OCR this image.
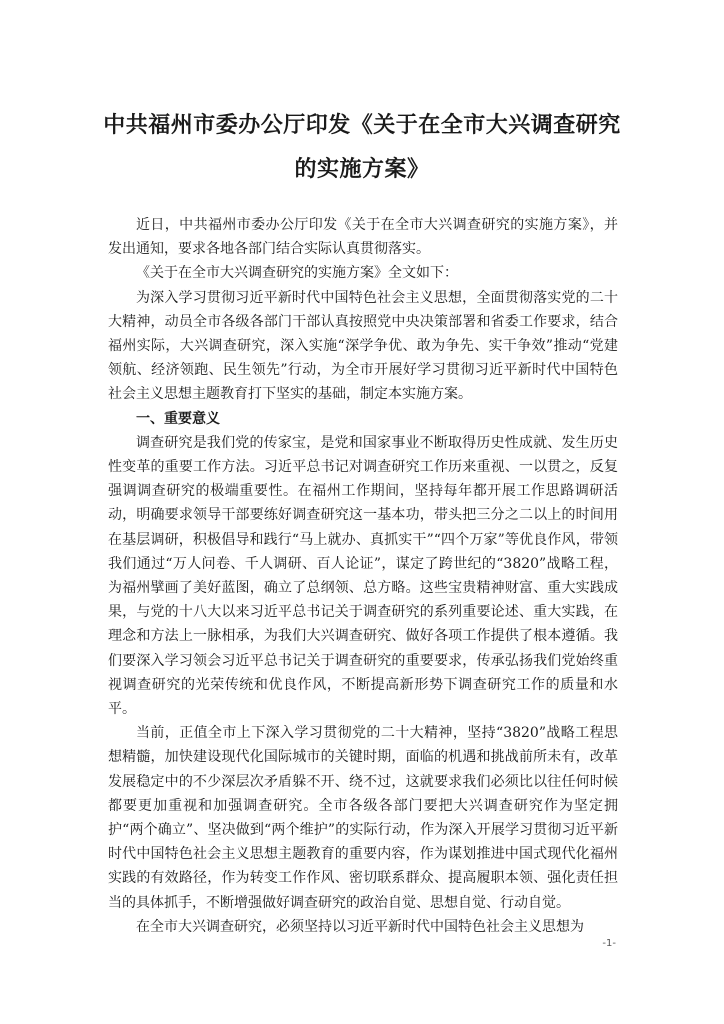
中共福州市委办公厅印发《关于在全市大兴调查研究
的实施方案》

近日，中共福州市委办公厅印发《关于在全市大兴调查研究的实施方案》，并发出通知，要求各地各部门结合实际认真贯彻落实。

《关于在全市大兴调查研究的实施方案》全文如下：

为深入学习贯彻习近平新时代中国特色社会主义思想，全面贯彻落实党的二十大精神，动员全市各级各部门干部认真按照党中央决策部署和省委工作要求，结合福州实际，大兴调查研究，深入实施“深学争优、敢为争先、实干争效”推动“党建领航、经济领跑、民生领先”行动，为全市开展好学习贯彻习近平新时代中国特色社会主义思想主题教育打下坚实的基础，制定本实施方案。

一、重要意义

调查研究是我们党的传家宝，是党和国家事业不断取得历史性成就、发生历史性变革的重要工作方法。习近平总书记对调查研究工作历来重视、一以贯之，反复强调调查研究的极端重要性。在福州工作期间，坚持每年都开展工作思路调研活动，明确要求领导干部要练好调查研究这一基本功，带头把三分之二以上的时间用在基层调研，积极倡导和践行“马上就办、真抓实干”“四个万家”等优良作风，带领我们通过“万人问卷、千人调研、百人论证”，谋定了跨世纪的“3820”战略工程，为福州擘画了美好蓝图，确立了总纲领、总方略。这些宝贵精神财富、重大实践成果，与党的十八大以来习近平总书记关于调查研究的系列重要论述、重大实践，在理念和方法上一脉相承，为我们大兴调查研究、做好各项工作提供了根本遵循。我们要深入学习领会习近平总书记关于调查研究的重要要求，传承弘扬我们党始终重视调查研究的光荣传统和优良作风，不断提高新形势下调查研究工作的质量和水平。

当前，正值全市上下深入学习贯彻党的二十大精神，坚持“3820”战略工程思想精髓，加快建设现代化国际城市的关键时期，面临的机遇和挑战前所未有，改革发展稳定中的不少深层次矛盾躲不开、绕不过，这就要求我们必须比以往任何时候都要更加重视和加强调查研究。全市各级各部门要把大兴调查研究作为坚定拥护“两个确立”、坚决做到“两个维护”的实际行动，作为深入开展学习贯彻习近平新时代中国特色社会主义思想主题教育的重要内容，作为谋划推进中国式现代化福州实践的有效路径，作为转变工作作风、密切联系群众、提高履职本领、强化责任担当的具体抓手，不断增强做好调查研究的政治自觉、思想自觉、行动自觉。

在全市大兴调查研究，必须坚持以习近平新时代中国特色社会主义思想为

-1-
